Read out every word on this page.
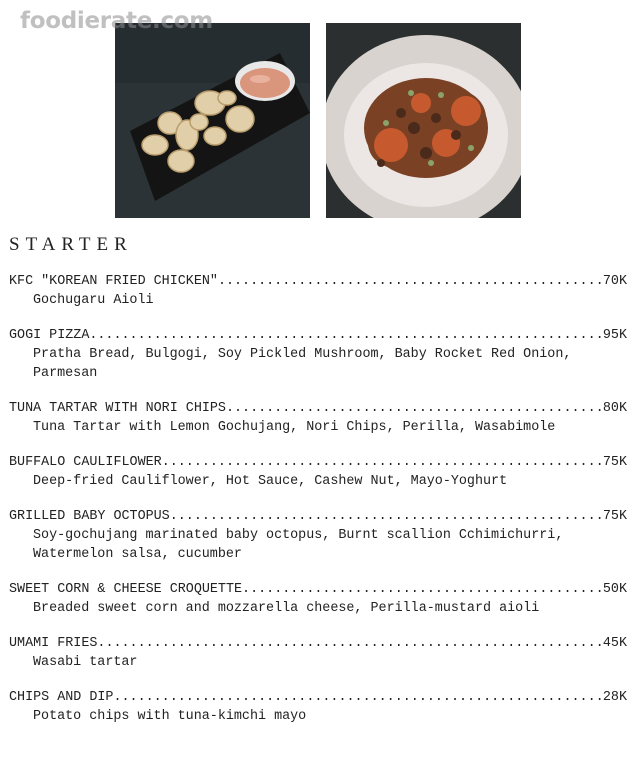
foodierate.com
STARTER
KFC "KOREAN FRIED CHICKEN" .....	70K
Gochugaru Aioli
GOGI PIZZA .....	95K
Pratha Bread, Bulgogi, Soy Pickled Mushroom, Baby Rocket Red Onion, Parmesan
TUNA TARTAR WITH NORI CHIPS .....	80K
Tuna Tartar with Lemon Gochujang, Nori Chips, Perilla, Wasabimole
BUFFALO CAULIFLOWER .....	75K
Deep-fried Cauliflower, Hot Sauce, Cashew Nut, Mayo-Yoghurt
GRILLED BABY OCTOPUS .....	75K
Soy-gochujang marinated baby octopus, Burnt scallion Cchimichurri, Watermelon salsa, cucumber
SWEET CORN & CHEESE CROQUETTE .....	50K
Breaded sweet corn and mozzarella cheese, Perilla-mustard aioli
UMAMI FRIES .....	45K
Wasabi tartar
CHIPS AND DIP .....	28K
Potato chips with tuna-kimchi mayo
